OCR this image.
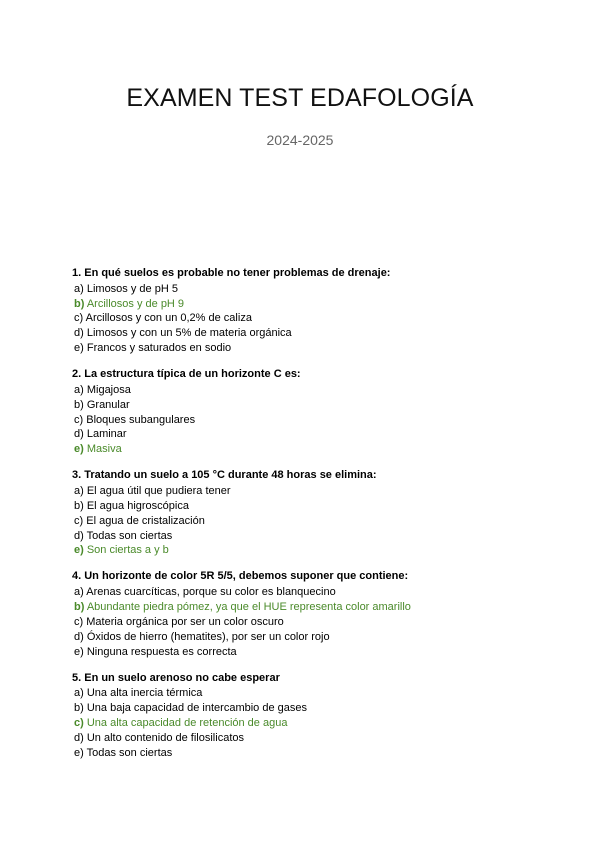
EXAMEN TEST EDAFOLOGÍA

2024-2025

1. En qué suelos es probable no tener problemas de drenaje:

a) Limosos y de pH 5

b) Arcillosos y de pH 9

c) Arcillosos y con un 0,2% de caliza

d) Limosos y con un 5% de materia orgánica

e) Francos y saturados en sodio

2. La estructura típica de un horizonte C es:

a) Migajosa

b) Granular

c) Bloques subangulares

d) Laminar

e) Masiva

3. Tratando un suelo a 105 °C durante 48 horas se elimina:

a) El agua útil que pudiera tener

b) El agua higroscópica

c) El agua de cristalización

d) Todas son ciertas

e) Son ciertas a y b

4. Un horizonte de color 5R 5/5, debemos suponer que contiene:

a) Arenas cuarcíticas, porque su color es blanquecino

b) Abundante piedra pómez, ya que el HUE representa color amarillo

c) Materia orgánica por ser un color oscuro

d) Óxidos de hierro (hematites), por ser un color rojo

e) Ninguna respuesta es correcta

5. En un suelo arenoso no cabe esperar

a) Una alta inercia térmica

b) Una baja capacidad de intercambio de gases

c) Una alta capacidad de retención de agua

d) Un alto contenido de filosilicatos

e) Todas son ciertas
